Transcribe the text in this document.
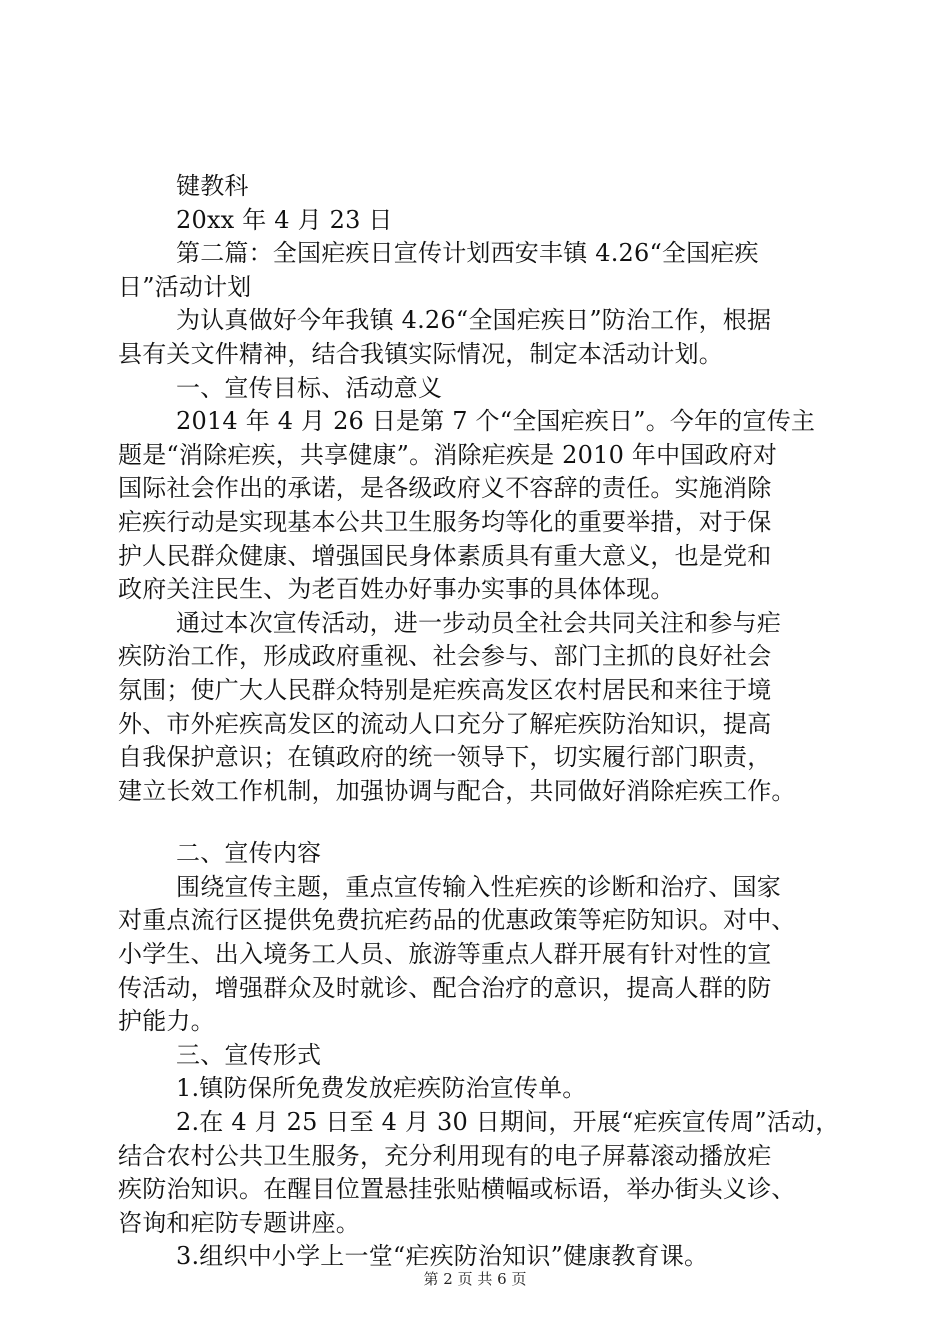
键教科
20xx 年 4 月 23 日
第二篇：全国疟疾日宣传计划西安丰镇 4.26“全国疟疾
日”活动计划
为认真做好今年我镇 4.26“全国疟疾日”防治工作，根据
县有关文件精神，结合我镇实际情况，制定本活动计划。
一、宣传目标、活动意义
2014 年 4 月 26 日是第 7 个“全国疟疾日”。今年的宣传主
题是“消除疟疾，共享健康”。消除疟疾是 2010 年中国政府对
国际社会作出的承诺，是各级政府义不容辞的责任。实施消除
疟疾行动是实现基本公共卫生服务均等化的重要举措，对于保
护人民群众健康、增强国民身体素质具有重大意义，也是党和
政府关注民生、为老百姓办好事办实事的具体体现。
通过本次宣传活动，进一步动员全社会共同关注和参与疟
疾防治工作，形成政府重视、社会参与、部门主抓的良好社会
氛围；使广大人民群众特别是疟疾高发区农村居民和来往于境
外、市外疟疾高发区的流动人口充分了解疟疾防治知识，提高
自我保护意识；在镇政府的统一领导下，切实履行部门职责，
建立长效工作机制，加强协调与配合，共同做好消除疟疾工作。
二、宣传内容
围绕宣传主题，重点宣传输入性疟疾的诊断和治疗、国家
对重点流行区提供免费抗疟药品的优惠政策等疟防知识。对中、
小学生、出入境务工人员、旅游等重点人群开展有针对性的宣
传活动，增强群众及时就诊、配合治疗的意识，提高人群的防
护能力。
三、宣传形式
1.镇防保所免费发放疟疾防治宣传单。
2.在 4 月 25 日至 4 月 30 日期间，开展“疟疾宣传周”活动，
结合农村公共卫生服务，充分利用现有的电子屏幕滚动播放疟
疾防治知识。在醒目位置悬挂张贴横幅或标语，举办街头义诊、
咨询和疟防专题讲座。
3.组织中小学上一堂“疟疾防治知识”健康教育课。
第 2 页 共 6 页
